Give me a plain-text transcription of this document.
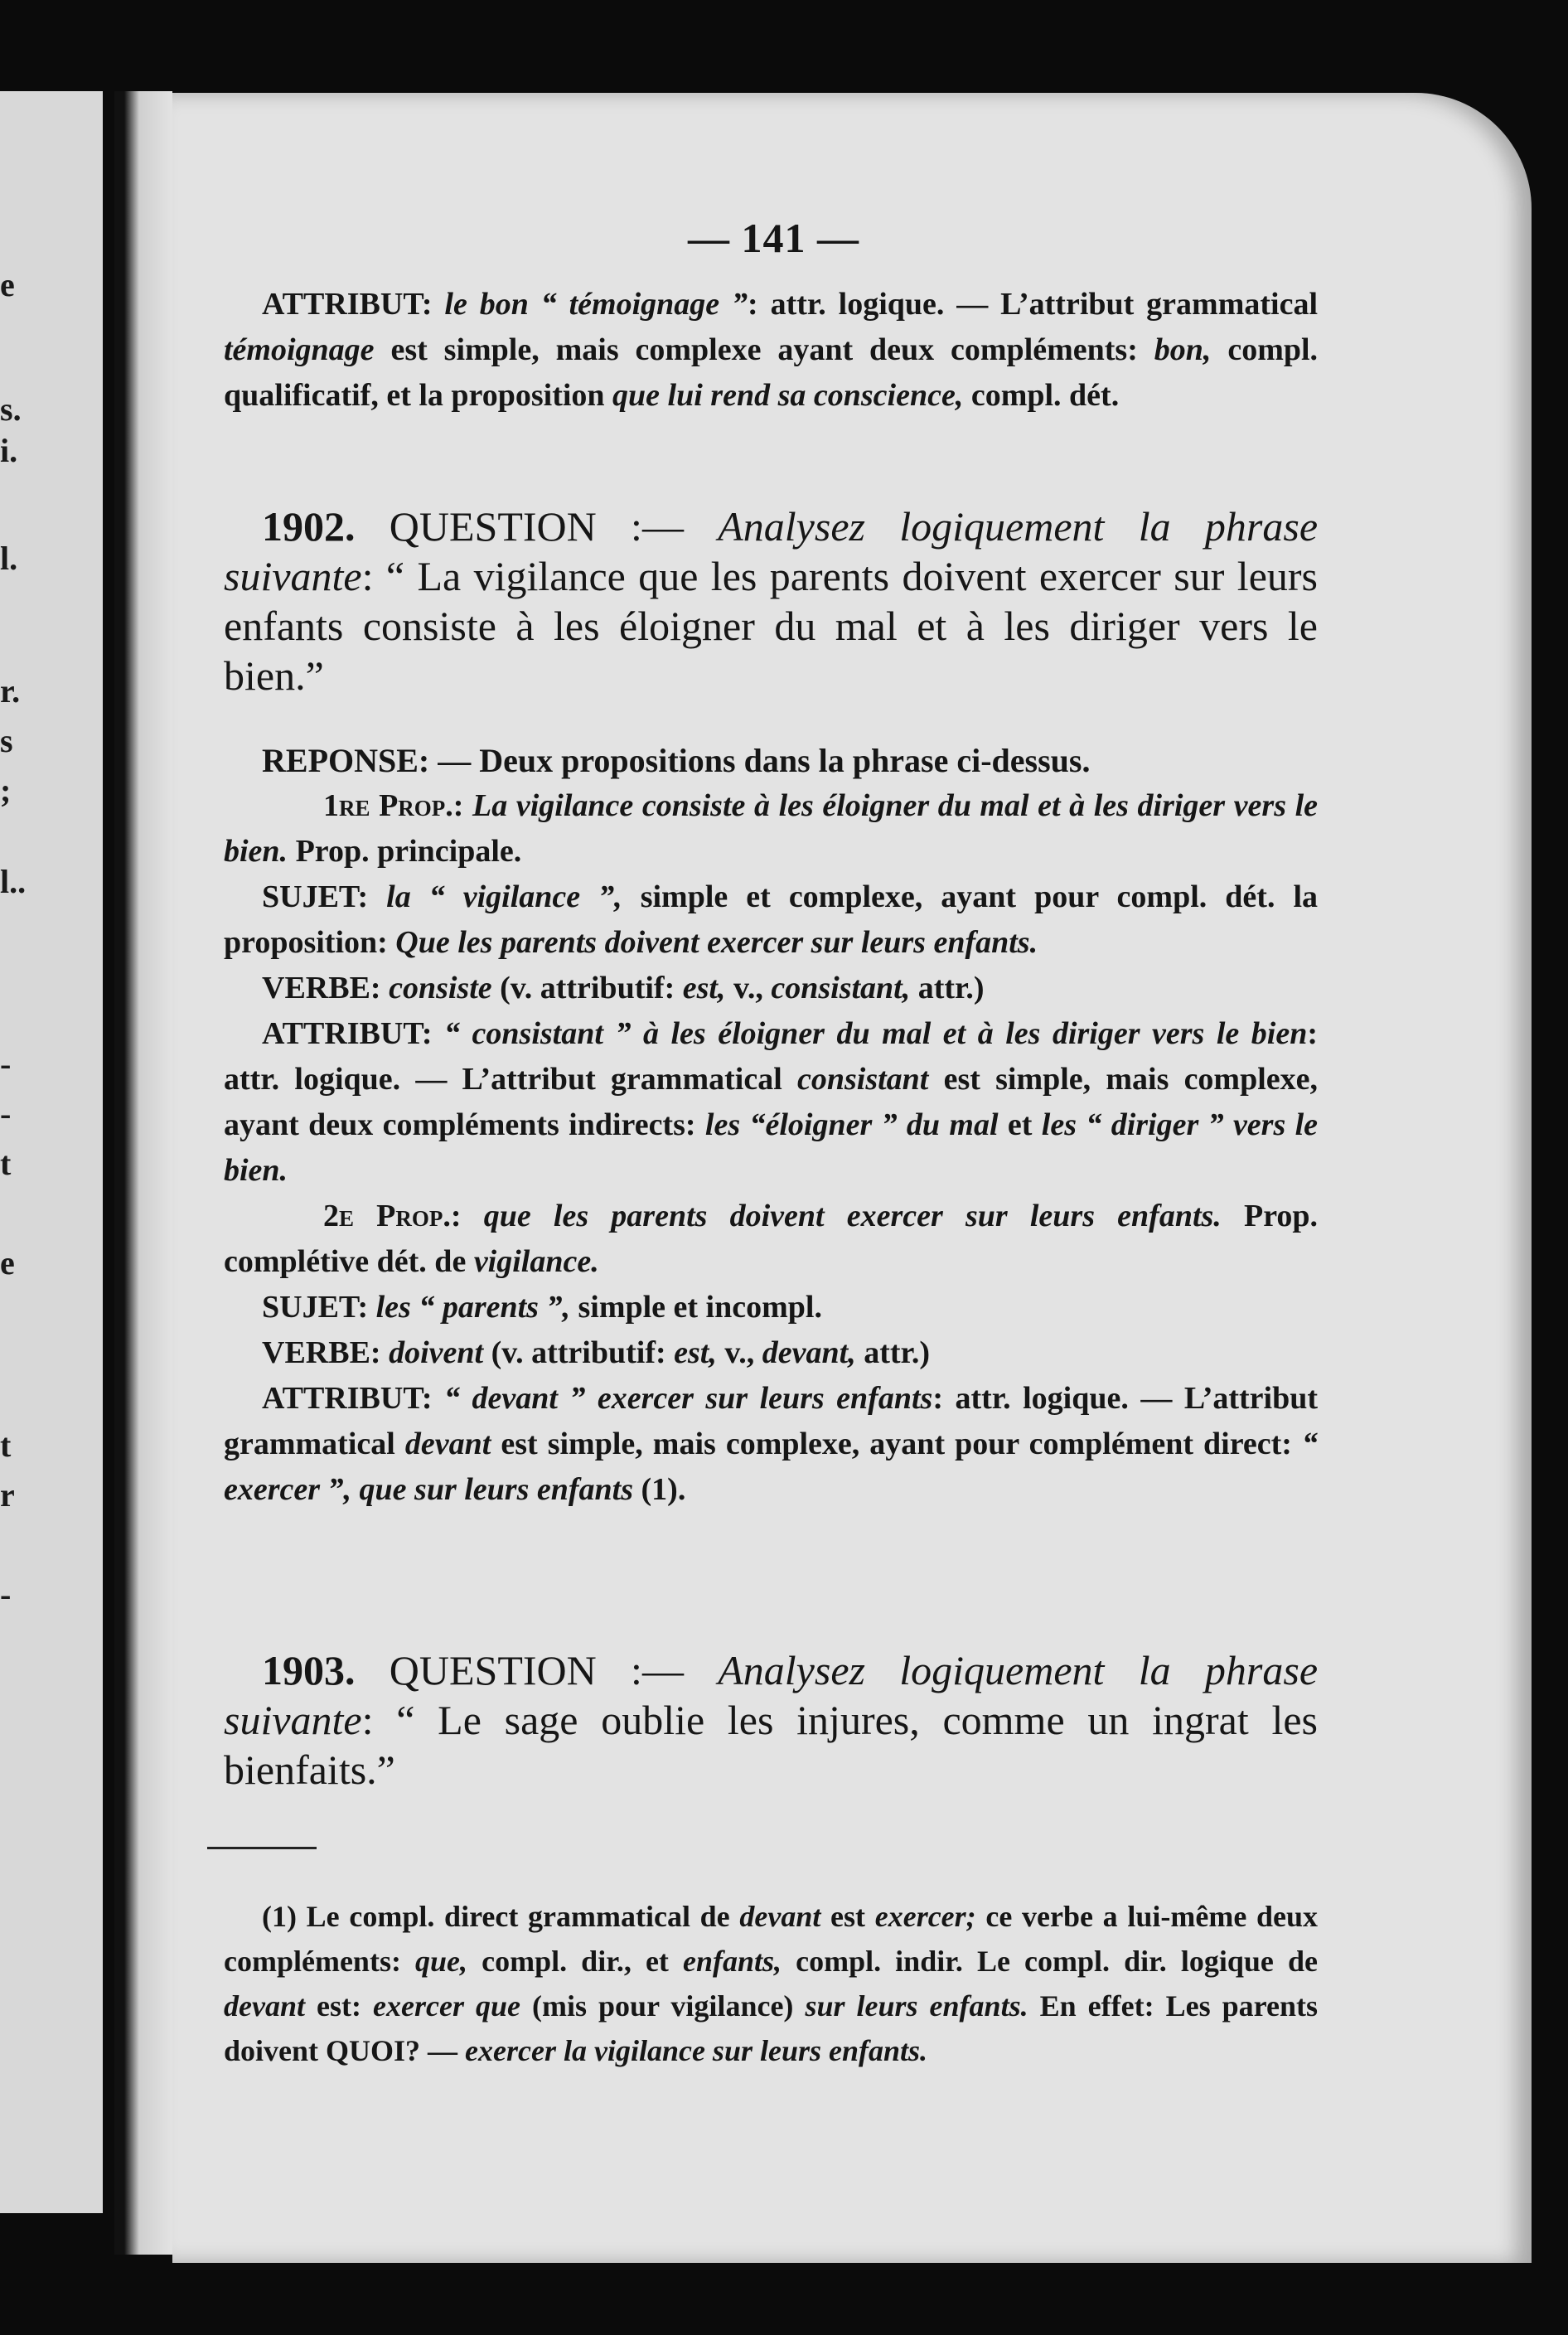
e
s.
i.
l.
r.
s
;
l..
-
-
t
e
t
r
-
— 141 —

ATTRIBUT: le bon “ témoignage ”: attr. logique. — L’attribut grammatical témoignage est simple, mais complexe ayant deux compléments: bon, compl. qualificatif, et la proposition que lui rend sa conscience, compl. dét.

1902. QUESTION :— Analysez logiquement la phrase suivante: “ La vigilance que les parents doivent exercer sur leurs enfants consiste à les éloigner du mal et à les diriger vers le bien.”

REPONSE: — Deux propositions dans la phrase ci-dessus.

1re Prop.: La vigilance consiste à les éloigner du mal et à les diriger vers le bien. Prop. principale.

SUJET: la “ vigilance ”, simple et complexe, ayant pour compl. dét. la proposition: Que les parents doivent exercer sur leurs enfants.

VERBE: consiste (v. attributif: est, v., consistant, attr.)

ATTRIBUT: “ consistant ” à les éloigner du mal et à les diriger vers le bien: attr. logique. — L’attribut grammatical consistant est simple, mais complexe, ayant deux compléments indirects: les “éloigner ” du mal et les “ diriger ” vers le bien.

2e Prop.: que les parents doivent exercer sur leurs enfants. Prop. complétive dét. de vigilance.

SUJET: les “ parents ”, simple et incompl.

VERBE: doivent (v. attributif: est, v., devant, attr.)

ATTRIBUT: “ devant ” exercer sur leurs enfants: attr. logique. — L’attribut grammatical devant est simple, mais complexe, ayant pour complément direct: “ exercer ”, que sur leurs enfants (1).

1903. QUESTION :— Analysez logiquement la phrase suivante: “ Le sage oublie les injures, comme un ingrat les bienfaits.”

(1) Le compl. direct grammatical de devant est exercer; ce verbe a lui-même deux compléments: que, compl. dir., et enfants, compl. indir. Le compl. dir. logique de devant est: exercer que (mis pour vigilance) sur leurs enfants. En effet: Les parents doivent QUOI? — exercer la vigilance sur leurs enfants.
